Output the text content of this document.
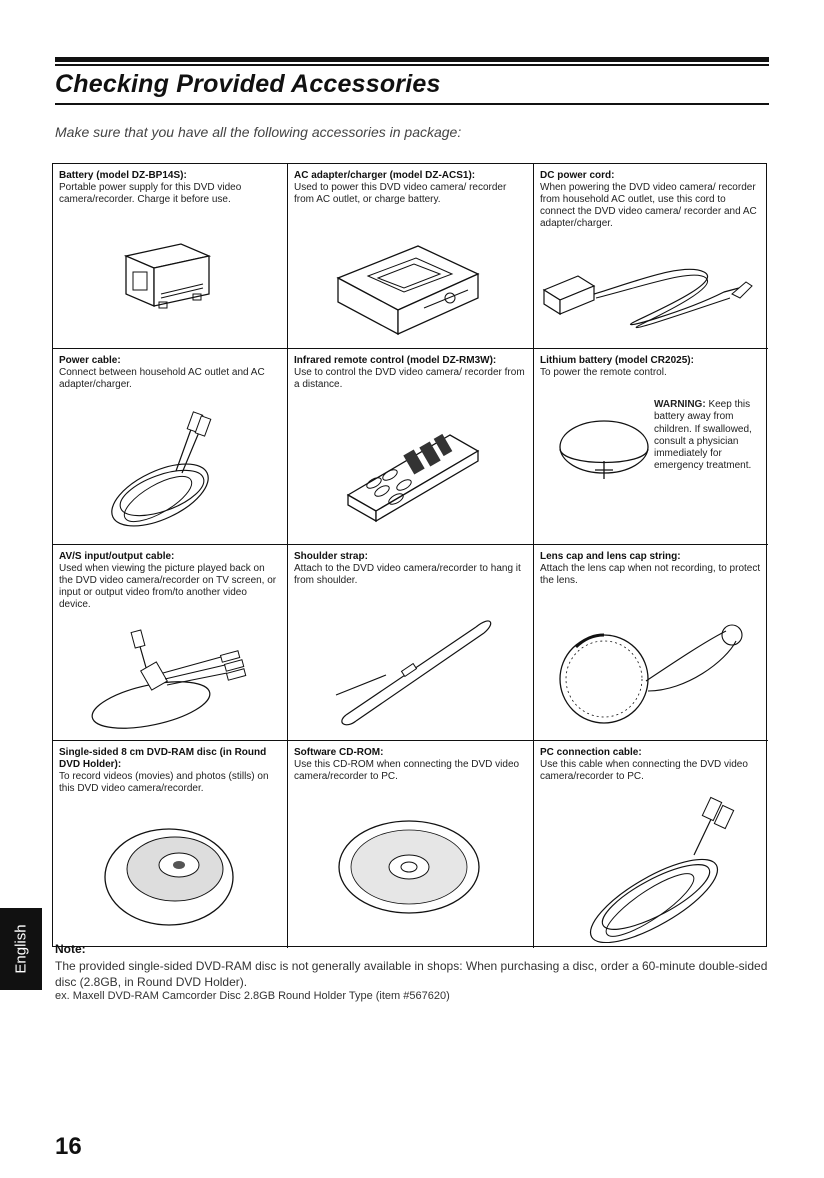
Checking Provided Accessories

Make sure that you have all the following accessories in package:

Battery (model DZ-BP14S):
Portable power supply for this DVD video camera/recorder. Charge it before use.
AC adapter/charger (model DZ-ACS1):
Used to power this DVD video camera/ recorder from AC outlet, or charge battery.
DC power cord:
When powering the DVD video camera/ recorder from household AC outlet, use this cord to connect the DVD video camera/ recorder and AC adapter/charger.
Power cable:
Connect between household AC outlet and AC adapter/charger.
Infrared remote control (model DZ-RM3W):
Use to control the DVD video camera/ recorder from a distance.
Lithium battery (model CR2025):
To power the remote control.
WARNING: Keep this battery away from children. If swallowed, consult a physician immediately for emergency treatment.
AV/S input/output cable:
Used when viewing the picture played back on the DVD video camera/recorder on TV screen, or input or output video from/to another video device.
Shoulder strap:
Attach to the DVD video camera/recorder to hang it from shoulder.
Lens cap and lens cap string:
Attach the lens cap when not recording, to protect the lens.
Single-sided 8 cm DVD-RAM disc (in Round DVD Holder):
To record videos (movies) and photos (stills) on this DVD video camera/recorder.
Software CD-ROM:
Use this CD-ROM when connecting the DVD video camera/recorder to PC.
PC connection cable:
Use this cable when connecting the DVD video camera/recorder to PC.

Note:

The provided single-sided DVD-RAM disc is not generally available in shops: When purchasing a disc, order a 60-minute double-sided disc (2.8GB, in Round DVD Holder).

ex. Maxell DVD-RAM Camcorder Disc 2.8GB Round Holder Type (item #567620)

English

16
